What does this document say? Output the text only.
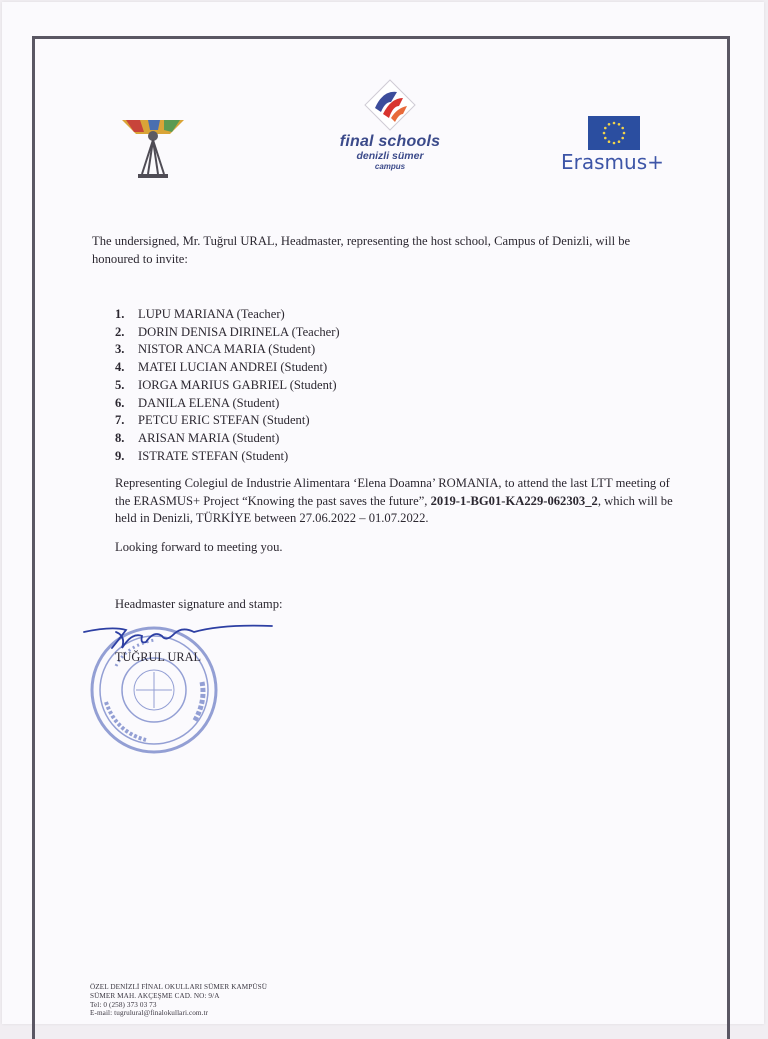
final schools
denizli sümer
campus	Erasmus+
The undersigned, Mr. Tuğrul URAL, Headmaster, representing the host school, Campus of Denizli, will be honoured to invite:
1. LUPU MARIANA (Teacher)
2. DORIN DENISA DIRINELA (Teacher)
3. NISTOR ANCA MARIA (Student)
4. MATEI LUCIAN ANDREI (Student)
5. IORGA MARIUS GABRIEL (Student)
6. DANILA ELENA (Student)
7. PETCU ERIC STEFAN (Student)
8. ARISAN MARIA (Student)
9. ISTRATE STEFAN (Student)
Representing Colegiul de Industrie Alimentara ‘Elena Doamna’ ROMANIA, to attend the last LTT meeting of the ERASMUS+ Project “Knowing the past saves the future”, 2019-1-BG01-KA229-062303_2, which will be held in Denizli, TÜRKİYE between 27.06.2022 – 01.07.2022.
Looking forward to meeting you.
Headmaster signature and stamp:
TUĞRUL URAL
ÖZEL DENİZLİ FİNAL OKULLARI SÜMER KAMPÜSÜ
SÜMER MAH. AKÇEŞME CAD. NO: 9/A
Tel: 0 (258) 373 03 73
E-mail: tugrulural@finalokullari.com.tr
